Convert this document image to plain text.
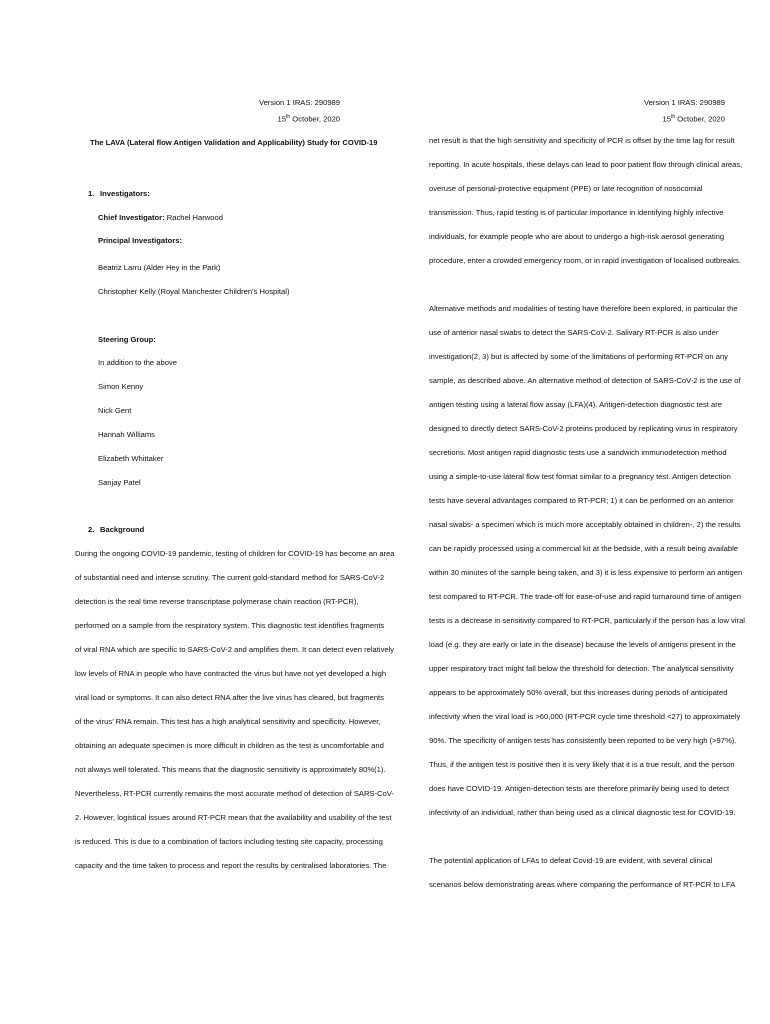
Version 1 IRAS: 290989
15th October, 2020
The LAVA (Lateral flow Antigen Validation and Applicability) Study for COVID-19
1. Investigators:
Chief Investigator: Rachel Harwood
Principal Investigators:
Beatriz Larru (Alder Hey in the Park)
Christopher Kelly (Royal Manchester Children’s Hospital)
Steering Group:
In addition to the above
Simon Kenny
Nick Gent
Hannah Williams
Elizabeth Whittaker
Sanjay Patel
2. Background
During the ongoing COVID-19 pandemic, testing of children for COVID-19 has become an area
of substantial need and intense scrutiny. The current gold-standard method for SARS-CoV-2
detection is the real time reverse transcriptase polymerase chain reaction (RT-PCR),
performed on a sample from the respiratory system. This diagnostic test identifies fragments
of viral RNA which are specific to SARS-CoV-2 and amplifies them. It can detect even relatively
low levels of RNA in people who have contracted the virus but have not yet developed a high
viral load or symptoms. It can also detect RNA after the live virus has cleared, but fragments
of the virus’ RNA remain. This test has a high analytical sensitivity and specificity. However,
obtaining an adequate specimen is more difficult in children as the test is uncomfortable and
not always well tolerated. This means that the diagnostic sensitivity is approximately 80%(1).
Nevertheless, RT-PCR currently remains the most accurate method of detection of SARS-CoV-
2. However, logistical issues around RT-PCR mean that the availability and usability of the test
is reduced. This is due to a combination of factors including testing site capacity, processing
capacity and the time taken to process and report the results by centralised laboratories. The
Version 1 IRAS: 290989
15th October, 2020
net result is that the high sensitivity and specificity of PCR is offset by the time lag for result
reporting. In acute hospitals, these delays can lead to poor patient flow through clinical areas,
overuse of personal-protective equipment (PPE) or late recognition of nosocomial
transmission. Thus, rapid testing is of particular importance in identifying highly infective
individuals, for example people who are about to undergo a high-risk aerosol generating
procedure, enter a crowded emergency room, or in rapid investigation of localised outbreaks.
Alternative methods and modalities of testing have therefore been explored, in particular the
use of anterior nasal swabs to detect the SARS-CoV-2. Salivary RT-PCR is also under
investigation(2, 3) but is affected by some of the limitations of performing RT-PCR on any
sample, as described above. An alternative method of detection of SARS-CoV-2 is the use of
antigen testing using a lateral flow assay (LFA)(4). Antigen-detection diagnostic test are
designed to directly detect SARS-CoV-2 proteins produced by replicating virus in respiratory
secretions. Most antigen rapid diagnostic tests use a sandwich immunodetection method
using a simple-to-use lateral flow test format similar to a pregnancy test. Antigen detection
tests have several advantages compared to RT-PCR; 1) it can be performed on an anterior
nasal swabs- a specimen which is much more acceptably obtained in children-, 2) the results
can be rapidly processed using a commercial kit at the bedside, with a result being available
within 30 minutes of the sample being taken, and 3) it is less expensive to perform an antigen
test compared to RT-PCR. The trade-off for ease-of-use and rapid turnaround time of antigen
tests is a decrease in sensitivity compared to RT-PCR, particularly if the person has a low viral
load (e.g. they are early or late in the disease) because the levels of antigens present in the
upper respiratory tract might fall below the threshold for detection. The analytical sensitivity
appears to be approximately 50% overall, but this increases during periods of anticipated
infectivity when the viral load is >60,000 (RT-PCR cycle time threshold <27) to approximately
90%. The specificity of antigen tests has consistently been reported to be very high (>97%).
Thus, if the antigen test is positive then it is very likely that it is a true result, and the person
does have COVID-19. Antigen-detection tests are therefore primarily being used to detect
infectivity of an individual, rather than being used as a clinical diagnostic test for COVID-19.
The potential application of LFAs to defeat Covid-19 are evident, with several clinical
scenarios below demonstrating areas where comparing the performance of RT-PCR to LFA
